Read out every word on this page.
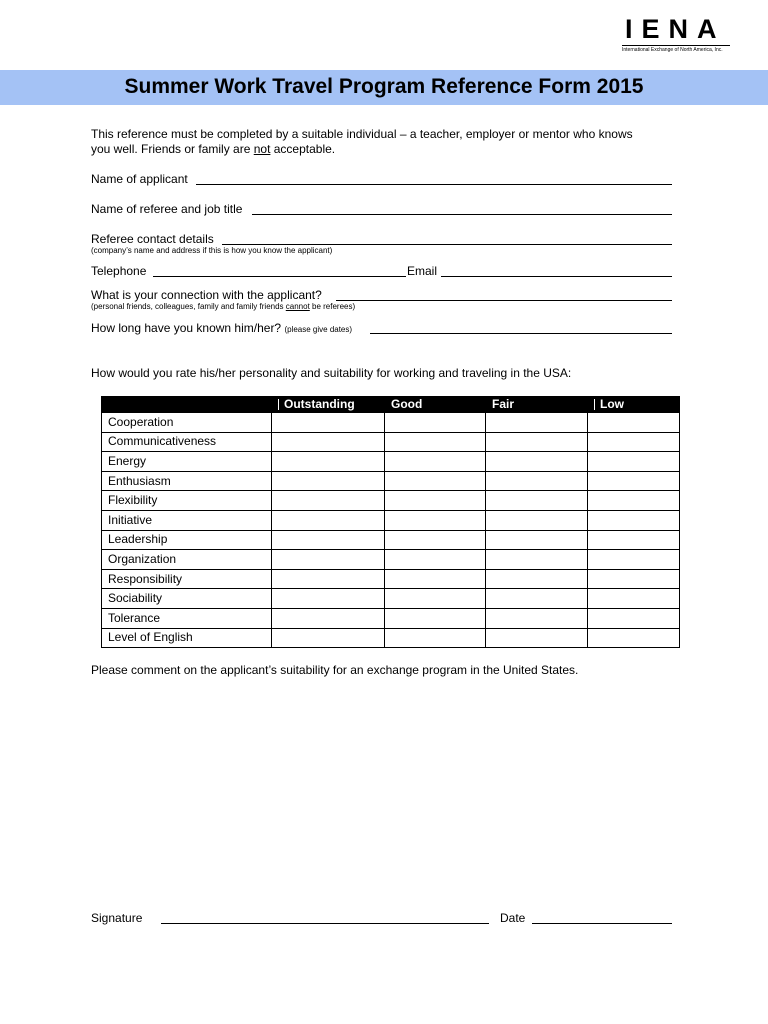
IENA
International Exchange of North America, Inc.
Summer Work Travel Program Reference Form 2015
This reference must be completed by a suitable individual – a teacher, employer or mentor who knows
you well. Friends or family are not acceptable.
Name of applicant
Name of referee and job title
Referee contact details
(company’s name and address if this is how you know the applicant)
Telephone	Email
What is your connection with the applicant?
(personal friends, colleagues, family and family friends cannot be referees)
How long have you known him/her? (please give dates)
How would you rate his/her personality and suitability for working and traveling in the USA:
	Outstanding	Good	Fair	Low
Cooperation				
Communicativeness				
Energy				
Enthusiasm				
Flexibility				
Initiative				
Leadership				
Organization				
Responsibility				
Sociability				
Tolerance				
Level of English				
Please comment on the applicant’s suitability for an exchange program in the United States.
Signature	Date
